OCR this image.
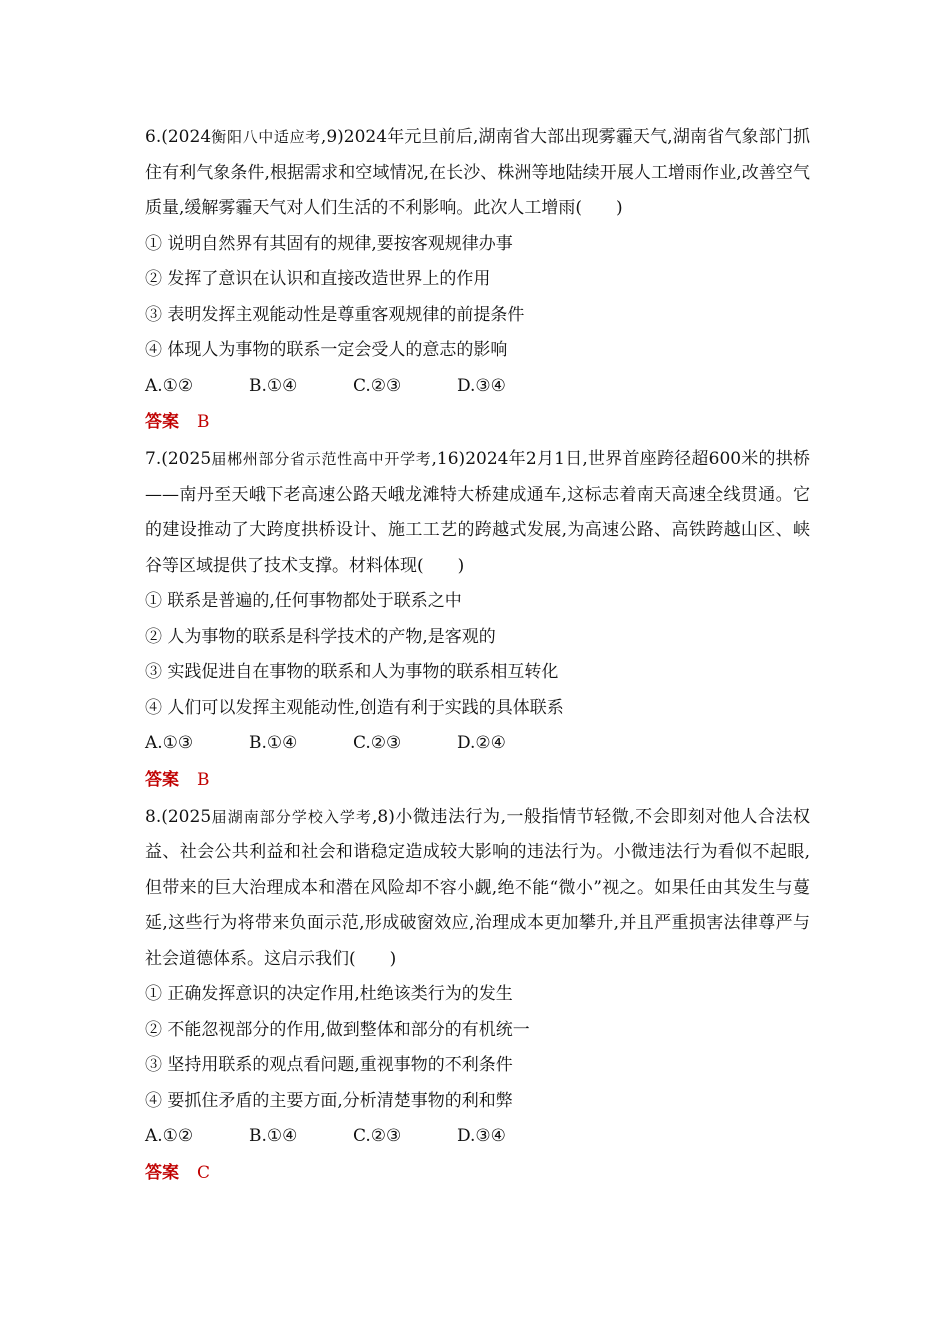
6.(2024衡阳八中适应考,9)2024年元旦前后,湖南省大部出现雾霾天气,湖南省气象部门抓住有利气象条件,根据需求和空域情况,在长沙、株洲等地陆续开展人工增雨作业,改善空气质量,缓解雾霾天气对人们生活的不利影响。此次人工增雨(　　)

① 说明自然界有其固有的规律,要按客观规律办事

② 发挥了意识在认识和直接改造世界上的作用

③ 表明发挥主观能动性是尊重客观规律的前提条件

④ 体现人为事物的联系一定会受人的意志的影响

A.①②	B.①④	C.②③	D.③④

答案 B

7.(2025届郴州部分省示范性高中开学考,16)2024年2月1日,世界首座跨径超600米的拱桥——南丹至天峨下老高速公路天峨龙滩特大桥建成通车,这标志着南天高速全线贯通。它的建设推动了大跨度拱桥设计、施工工艺的跨越式发展,为高速公路、高铁跨越山区、峡谷等区域提供了技术支撑。材料体现(　　)

① 联系是普遍的,任何事物都处于联系之中

② 人为事物的联系是科学技术的产物,是客观的

③ 实践促进自在事物的联系和人为事物的联系相互转化

④ 人们可以发挥主观能动性,创造有利于实践的具体联系

A.①③	B.①④	C.②③	D.②④

答案 B

8.(2025届湖南部分学校入学考,8)小微违法行为,一般指情节轻微,不会即刻对他人合法权益、社会公共利益和社会和谐稳定造成较大影响的违法行为。小微违法行为看似不起眼,但带来的巨大治理成本和潜在风险却不容小觑,绝不能“微小”视之。如果任由其发生与蔓延,这些行为将带来负面示范,形成破窗效应,治理成本更加攀升,并且严重损害法律尊严与社会道德体系。这启示我们(　　)

① 正确发挥意识的决定作用,杜绝该类行为的发生

② 不能忽视部分的作用,做到整体和部分的有机统一

③ 坚持用联系的观点看问题,重视事物的不利条件

④ 要抓住矛盾的主要方面,分析清楚事物的利和弊

A.①②	B.①④	C.②③	D.③④

答案 C
